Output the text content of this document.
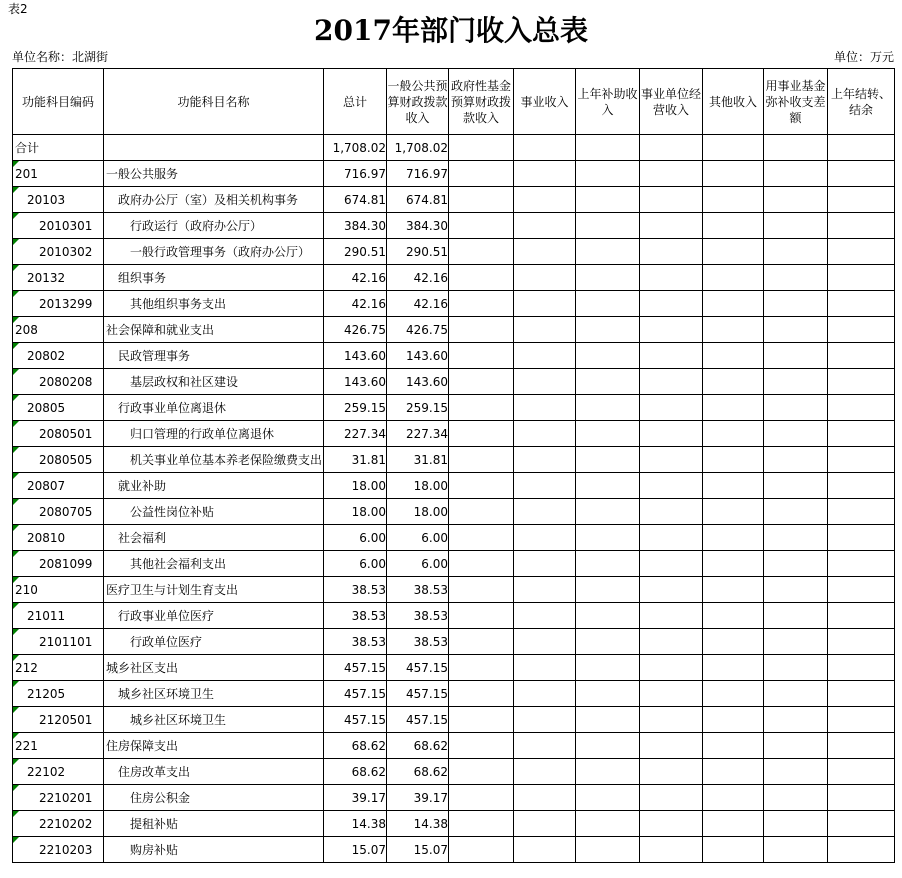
表2
2017年部门收入总表
单位名称：北湖街	单位：万元
功能科目编码	功能科目名称	总计	一般公共预算财政拨款收入	政府性基金预算财政拨款收入	事业收入	上年补助收入	事业单位经营收入	其他收入	用事业基金弥补收支差额	上年结转、结余
合计		1,708.02	1,708.02							

201	一般公共服务	716.97	716.97							

20103	政府办公厅（室）及相关机构事务	674.81	674.81							

2010301	行政运行（政府办公厅）	384.30	384.30							

2010302	一般行政管理事务（政府办公厅）	290.51	290.51							

20132	组织事务	42.16	42.16							

2013299	其他组织事务支出	42.16	42.16							

208	社会保障和就业支出	426.75	426.75							

20802	民政管理事务	143.60	143.60							

2080208	基层政权和社区建设	143.60	143.60							

20805	行政事业单位离退休	259.15	259.15							

2080501	归口管理的行政单位离退休	227.34	227.34							

2080505	机关事业单位基本养老保险缴费支出	31.81	31.81							

20807	就业补助	18.00	18.00							

2080705	公益性岗位补贴	18.00	18.00							

20810	社会福利	6.00	6.00							

2081099	其他社会福利支出	6.00	6.00							

210	医疗卫生与计划生育支出	38.53	38.53							

21011	行政事业单位医疗	38.53	38.53							

2101101	行政单位医疗	38.53	38.53							

212	城乡社区支出	457.15	457.15							

21205	城乡社区环境卫生	457.15	457.15							

2120501	城乡社区环境卫生	457.15	457.15							

221	住房保障支出	68.62	68.62							

22102	住房改革支出	68.62	68.62							

2210201	住房公积金	39.17	39.17							

2210202	提租补贴	14.38	14.38							

2210203	购房补贴	15.07	15.07							
